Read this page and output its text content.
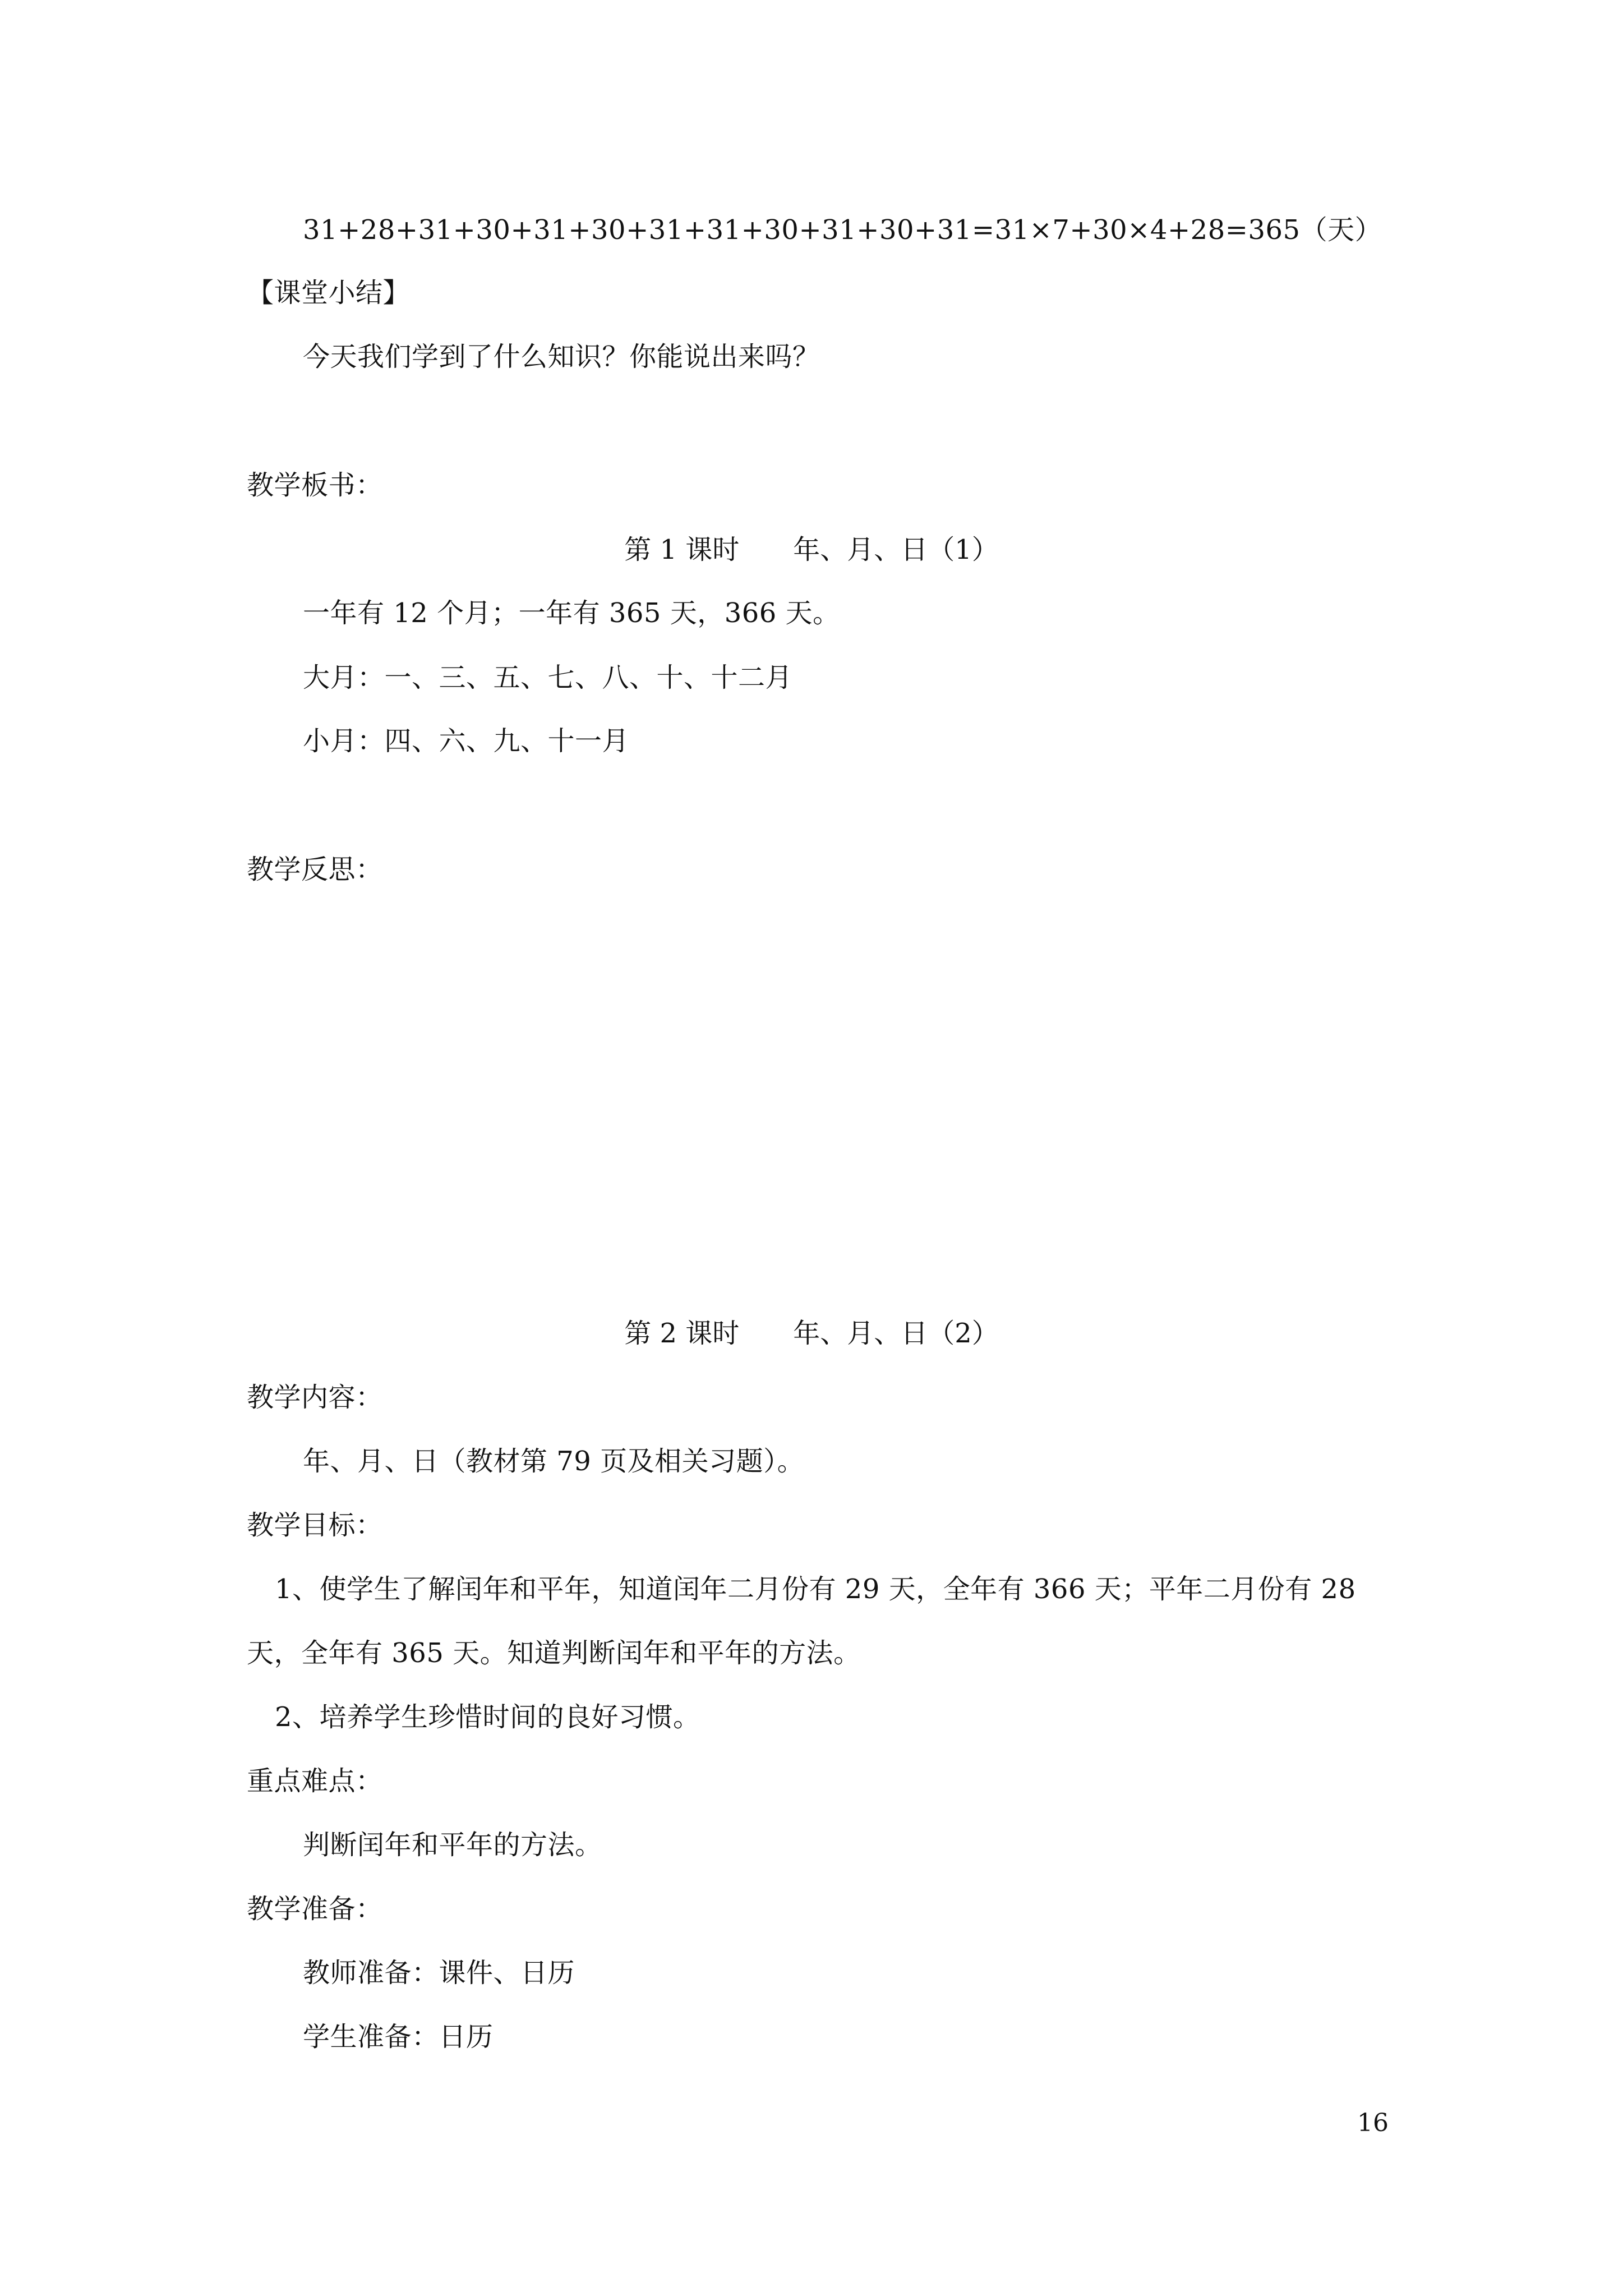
31+28+31+30+31+30+31+31+30+31+30+31=31×7+30×4+28=365（天）
【课堂小结】
今天我们学到了什么知识？你能说出来吗？
教学板书：
第 1 课时　　年、月、日（1）
一年有 12 个月；一年有 365 天，366 天。
大月：一、三、五、七、八、十、十二月
小月：四、六、九、十一月
教学反思：
第 2 课时　　年、月、日（2）
教学内容：
年、月、日（教材第 79 页及相关习题）。
教学目标：
1、使学生了解闰年和平年，知道闰年二月份有 29 天，全年有 366 天；平年二月份有 28
天，全年有 365 天。知道判断闰年和平年的方法。
2、培养学生珍惜时间的良好习惯。
重点难点：
判断闰年和平年的方法。
教学准备：
教师准备：课件、日历
学生准备：日历
16
